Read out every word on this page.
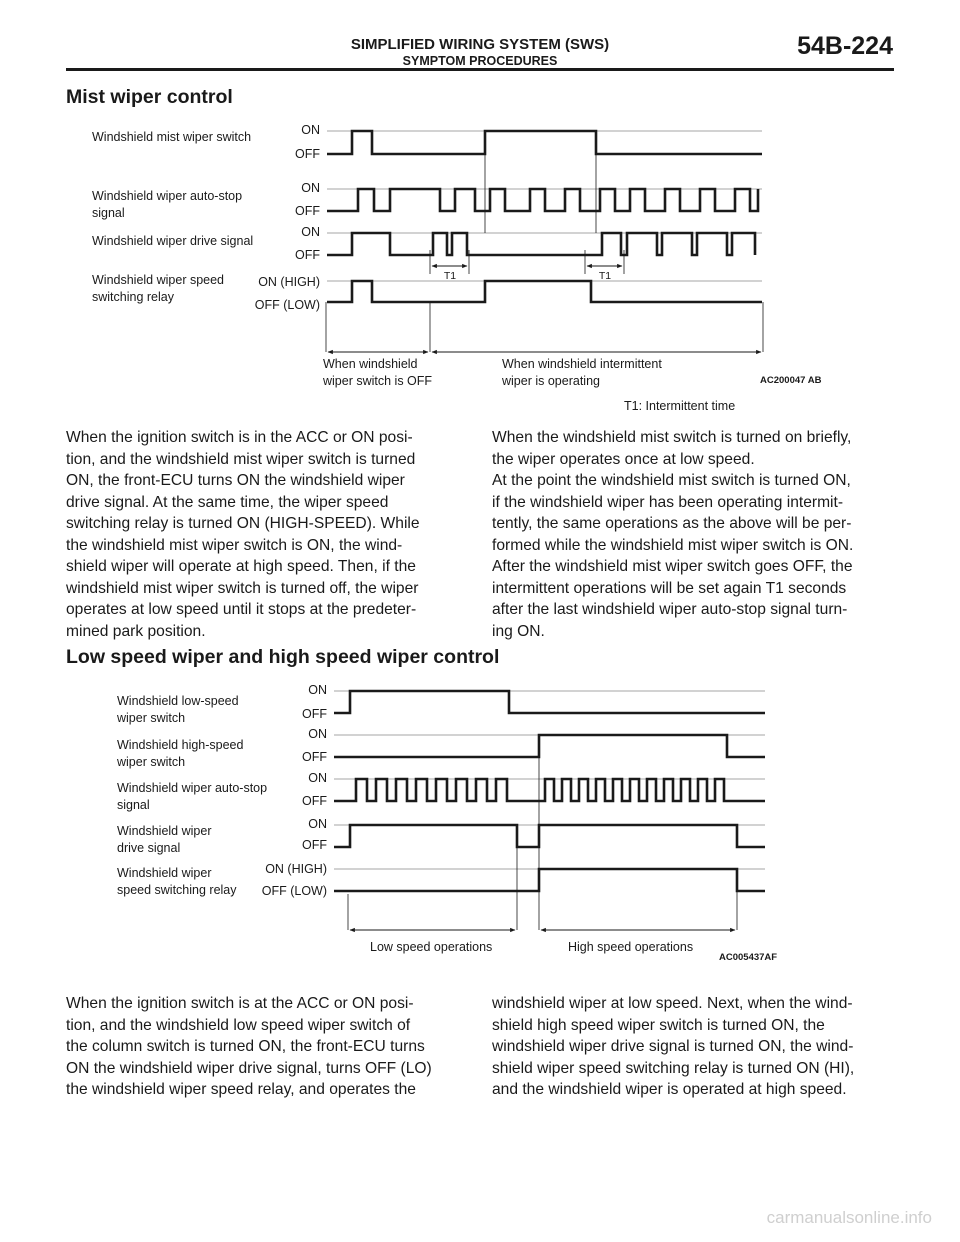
SIMPLIFIED WIRING SYSTEM (SWS)
SYMPTOM PROCEDURES
54B-224
Mist wiper control
Windshield mist wiper switch
Windshield wiper auto-stop
signal
Windshield wiper drive signal
Windshield wiper speed
switching relay
ON
OFF
ON
OFF
ON
OFF
ON (HIGH)
OFF (LOW)
T1	T1
When windshield
wiper switch is OFF
When windshield intermittent
wiper is operating	AC200047 AB
T1: Intermittent time

When the ignition switch is in the ACC or ON posi-
tion, and the windshield mist wiper switch is turned
ON, the front-ECU turns ON the windshield wiper
drive signal. At the same time, the wiper speed
switching relay is turned ON (HIGH-SPEED). While
the windshield mist wiper switch is ON, the wind-
shield wiper will operate at high speed. Then, if the
windshield mist wiper switch is turned off, the wiper
operates at low speed until it stops at the predeter-
mined park position.

When the windshield mist switch is turned on briefly,
the wiper operates once at low speed.
At the point the windshield mist switch is turned ON,
if the windshield wiper has been operating intermit-
tently, the same operations as the above will be per-
formed while the windshield mist wiper switch is ON.
After the windshield mist wiper switch goes OFF, the
intermittent operations will be set again T1 seconds
after the last windshield wiper auto-stop signal turn-
ing ON.

Low speed wiper and high speed wiper control
Windshield low-speed
wiper switch
Windshield high-speed
wiper switch
Windshield wiper auto-stop
signal
Windshield wiper
drive signal
Windshield wiper
speed switching relay
ON
OFF
ON
OFF
ON
OFF
ON
OFF
ON (HIGH)
OFF (LOW)
Low speed operations	High speed operations
AC005437AF

When the ignition switch is at the ACC or ON posi-
tion, and the windshield low speed wiper switch of
the column switch is turned ON, the front-ECU turns
ON the windshield wiper drive signal, turns OFF (LO)
the windshield wiper speed relay, and operates the

windshield wiper at low speed. Next, when the wind-
shield high speed wiper switch is turned ON, the
windshield wiper drive signal is turned ON, the wind-
shield wiper speed switching relay is turned ON (HI),
and the windshield wiper is operated at high speed.

carmanualsonline.info
